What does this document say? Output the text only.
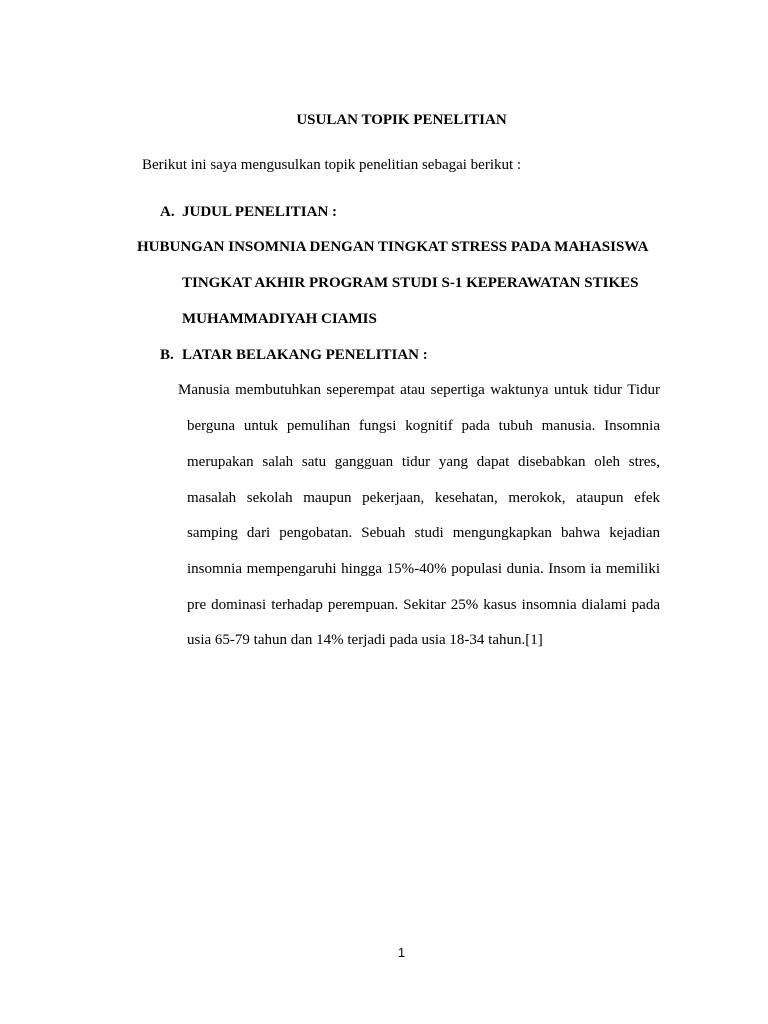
USULAN TOPIK PENELITIAN

Berikut ini saya mengusulkan topik penelitian sebagai berikut :

A. JUDUL PENELITIAN :

HUBUNGAN INSOMNIA DENGAN TINGKAT STRESS PADA MAHASISWA

TINGKAT AKHIR PROGRAM STUDI S-1 KEPERAWATAN STIKES

MUHAMMADIYAH CIAMIS

B. LATAR BELAKANG PENELITIAN :

Manusia membutuhkan seperempat atau sepertiga waktunya untuk tidur Tidur
berguna untuk pemulihan fungsi kognitif pada tubuh manusia. Insomnia
merupakan salah satu gangguan tidur yang dapat disebabkan oleh stres,
masalah sekolah maupun pekerjaan, kesehatan, merokok, ataupun efek
samping dari pengobatan. Sebuah studi mengungkapkan bahwa kejadian
insomnia mempengaruhi hingga 15%-40% populasi dunia. Insom ia memiliki
pre dominasi terhadap perempuan. Sekitar 25% kasus insomnia dialami pada
usia 65-79 tahun dan 14% terjadi pada usia 18-34 tahun.[1]

1
